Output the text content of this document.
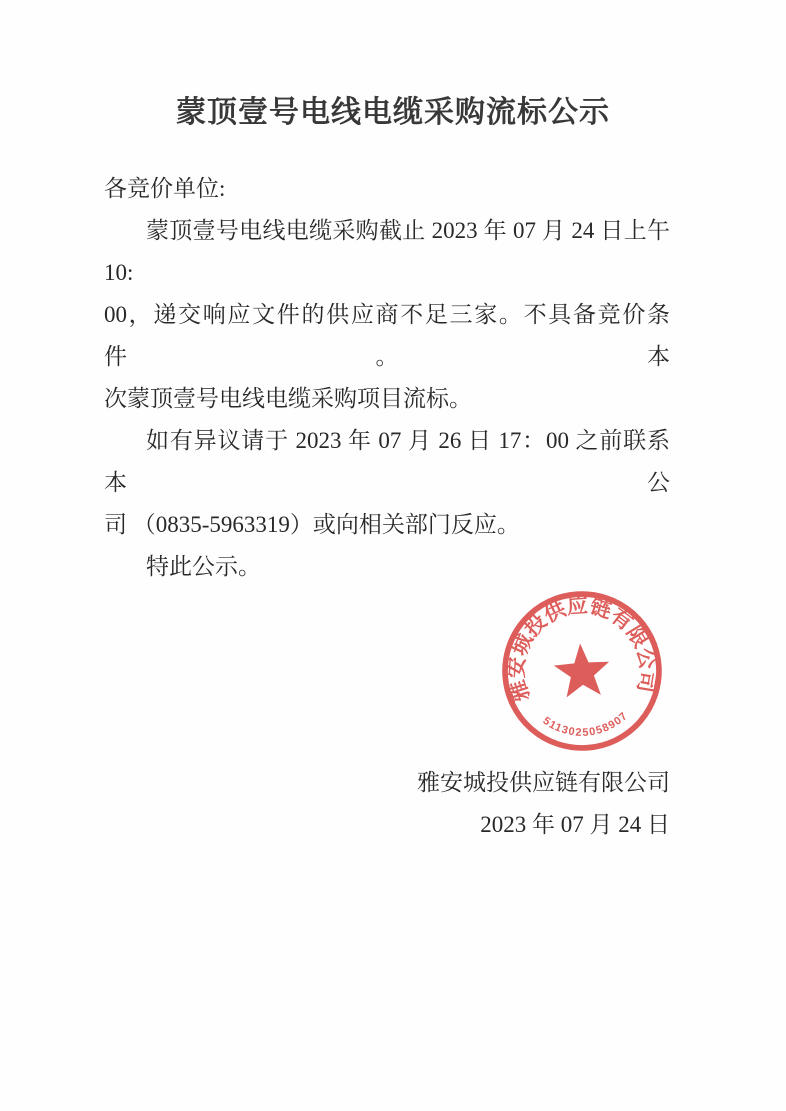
蒙顶壹号电线电缆采购流标公示
各竞价单位:
蒙顶壹号电线电缆采购截止 2023 年 07 月 24 日上午 10:
00，递交响应文件的供应商不足三家。不具备竞价条件。本
次蒙顶壹号电线电缆采购项目流标。
如有异议请于 2023 年 07 月 26 日 17：00 之前联系本公
司 （0835-5963319）或向相关部门反应。
特此公示。
雅安城投供应链有限公司
2023 年 07 月 24 日
雅安城投供应链有限公司
5113025058907
